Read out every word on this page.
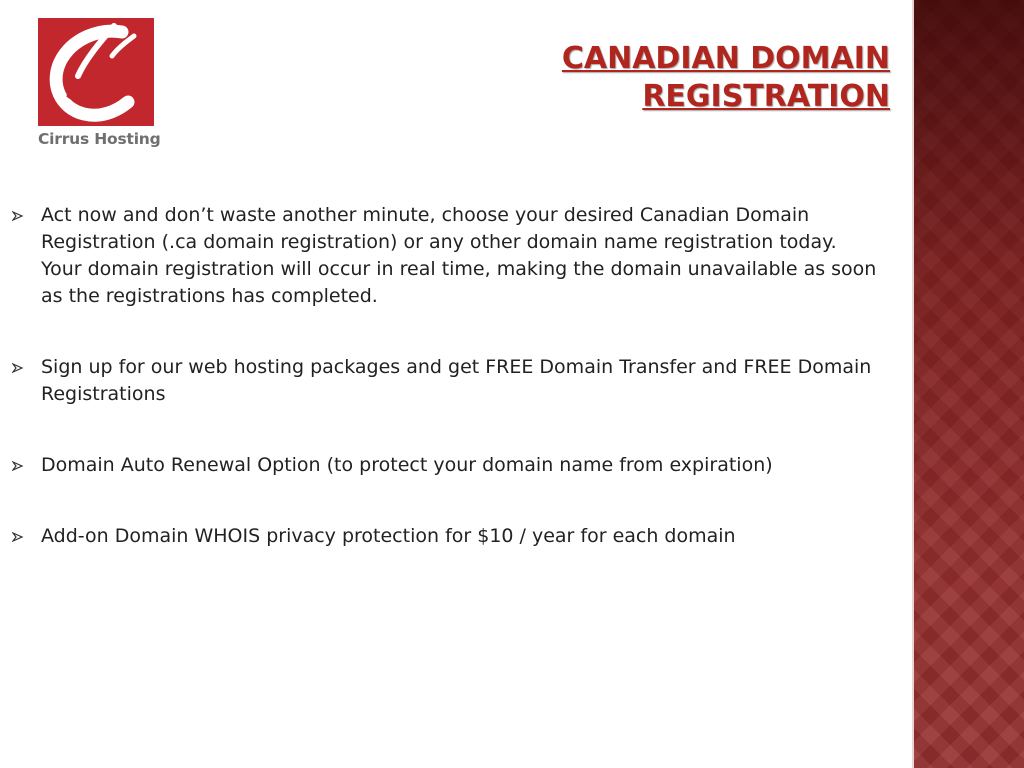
Cirrus Hosting
CANADIAN DOMAIN
REGISTRATION
Act now and don’t waste another minute, choose your desired Canadian Domain Registration (.ca domain registration) or any other domain name registration today. Your domain registration will occur in real time, making the domain unavailable as soon as the registrations has completed.
Sign up for our web hosting packages and get FREE Domain Transfer and FREE Domain Registrations
Domain Auto Renewal Option (to protect your domain name from expiration)
Add-on Domain WHOIS privacy protection for $10 / year for each domain
